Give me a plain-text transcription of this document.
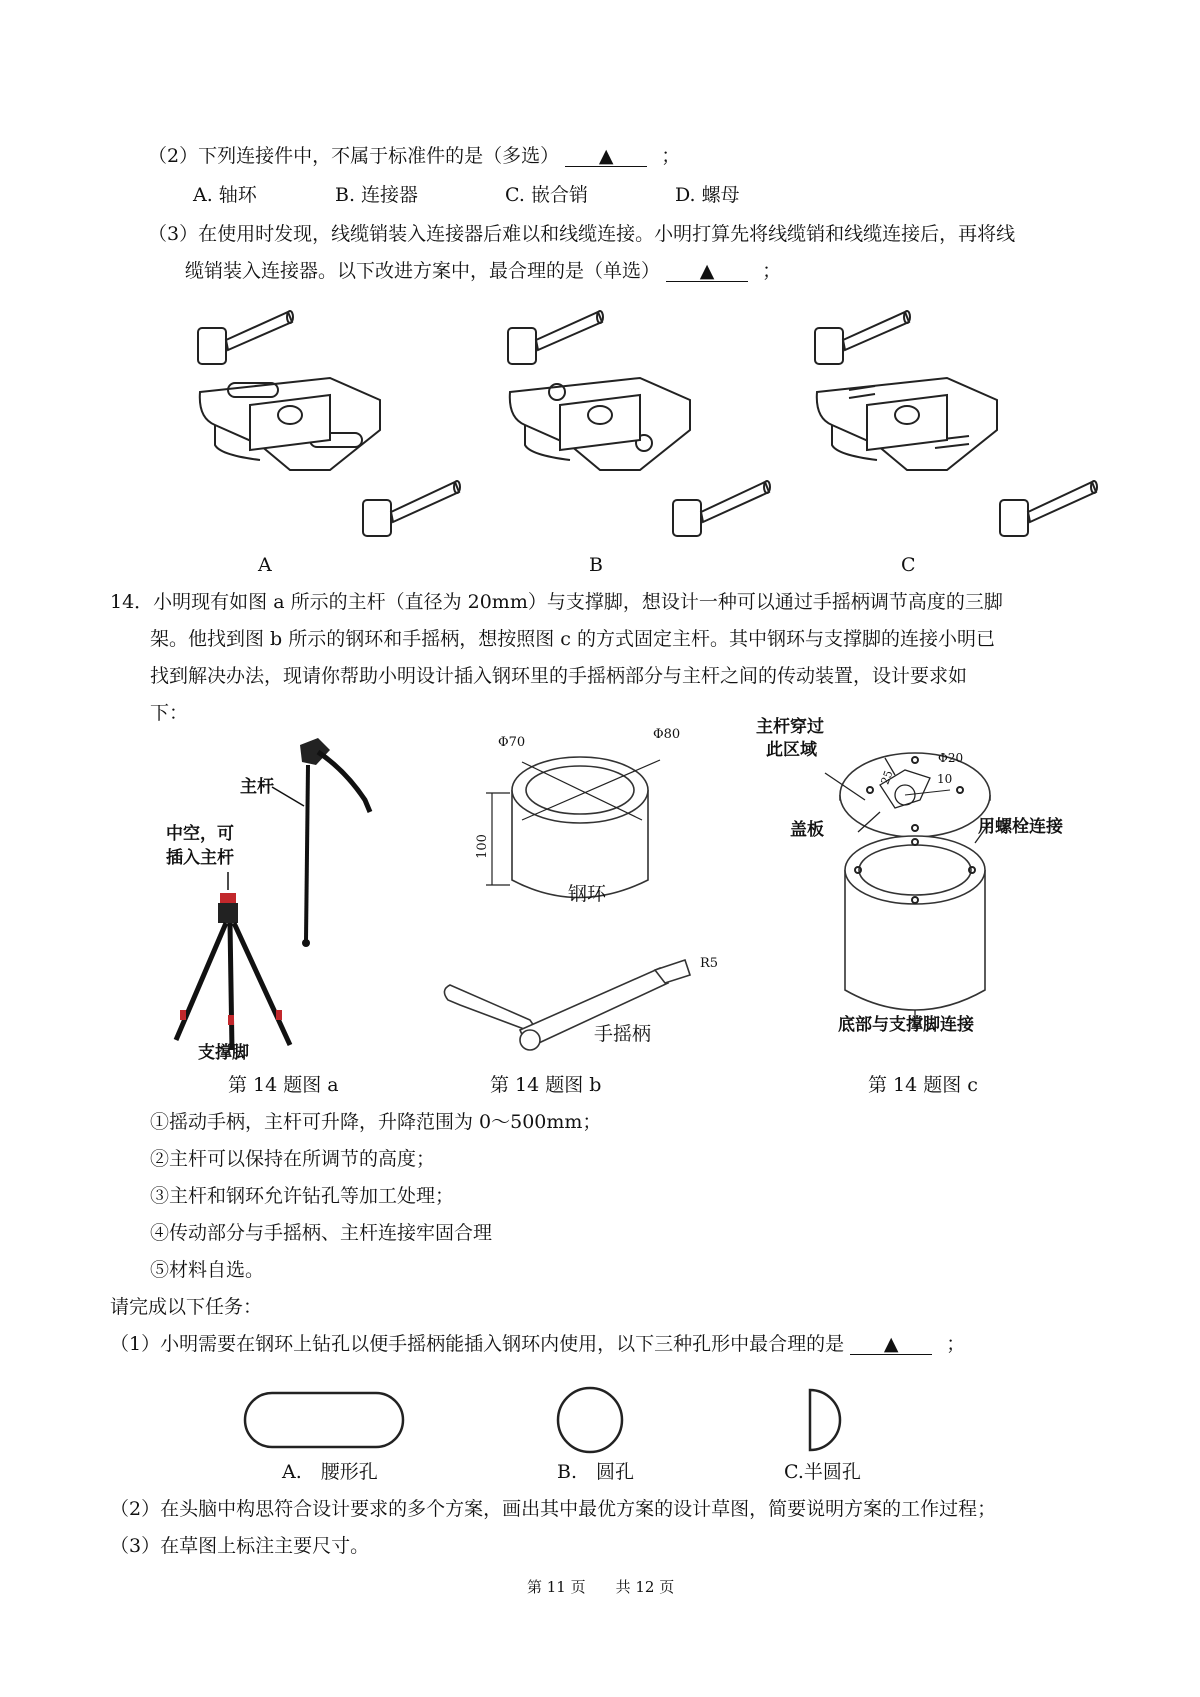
（2）下列连接件中，不属于标准件的是（多选） ▲	；
A. 轴环	B. 连接器	C. 嵌合销	D. 螺母
（3）在使用时发现，线缆销装入连接器后难以和线缆连接。小明打算先将线缆销和线缆连接后，再将线
缆销装入连接器。以下改进方案中，最合理的是（单选） ▲	；
A	B	C
14．小明现有如图 a 所示的主杆（直径为 20mm）与支撑脚，想设计一种可以通过手摇柄调节高度的三脚
架。他找到图 b 所示的钢环和手摇柄，想按照图 c 的方式固定主杆。其中钢环与支撑脚的连接小明已
找到解决办法，现请你帮助小明设计插入钢环里的手摇柄部分与主杆之间的传动装置，设计要求如
下：
主杆
中空，可
插入主杆
支撑脚
第 14 题图 a
Φ70
Φ80
100
钢环
R5
手摇柄
第 14 题图 b
主杆穿过
此区域	Φ20
10
25
盖板	用螺栓连接
底部与支撑脚连接
第 14 题图 c
①摇动手柄，主杆可升降，升降范围为 0～500mm；
②主杆可以保持在所调节的高度；
③主杆和钢环允许钻孔等加工处理；
④传动部分与手摇柄、主杆连接牢固合理
⑤材料自选。
请完成以下任务：
（1）小明需要在钢环上钻孔以便手摇柄能插入钢环内使用，以下三种孔形中最合理的是 ▲	；
A.　腰形孔	B.　圆孔	C.半圆孔
（2）在头脑中构思符合设计要求的多个方案，画出其中最优方案的设计草图，简要说明方案的工作过程；
（3）在草图上标注主要尺寸。
第 11 页　　共 12 页
